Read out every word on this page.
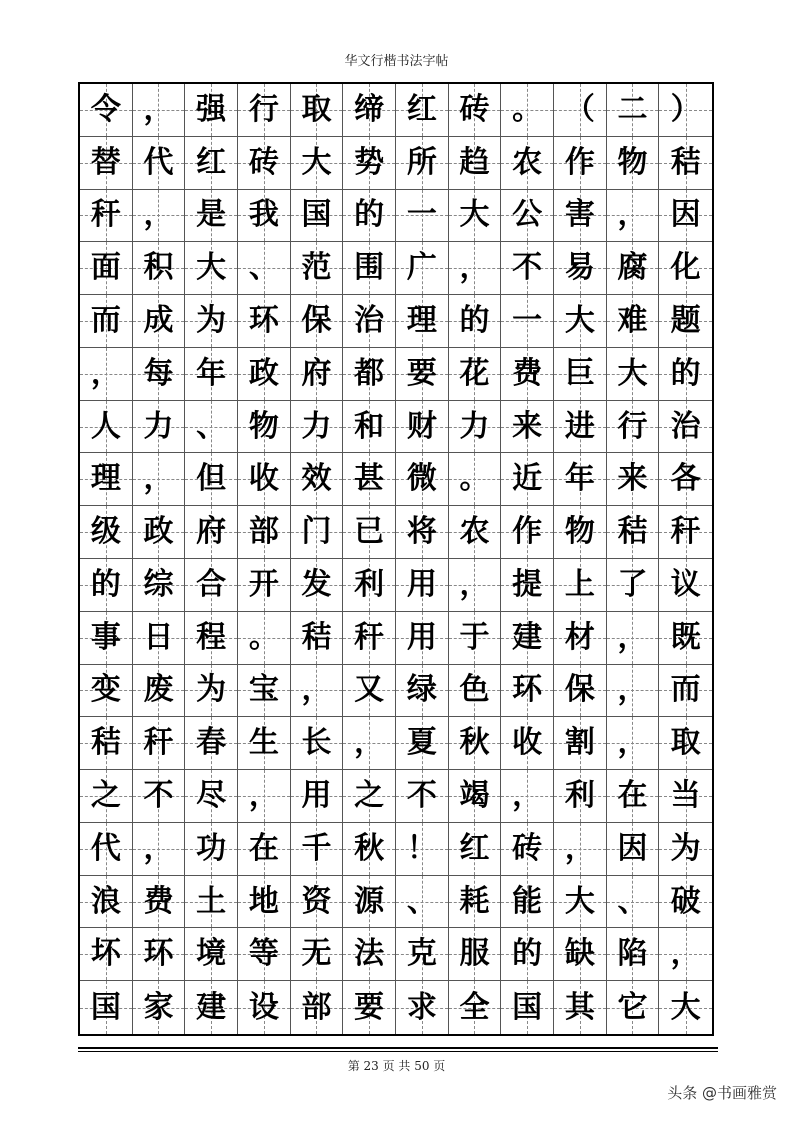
华文行楷书法字帖
令 ， 强 行 取 缔 红 砖 。 （ 二 ）
替 代 红 砖 大 势 所 趋 农 作 物 秸
秆 ， 是 我 国 的 一 大 公 害 ， 因
面 积 大 、 范 围 广 ， 不 易 腐 化
而 成 为 环 保 治 理 的 一 大 难 题
， 每 年 政 府 都 要 花 费 巨 大 的
人 力 、 物 力 和 财 力 来 进 行 治
理 ， 但 收 效 甚 微 。 近 年 来 各
级 政 府 部 门 已 将 农 作 物 秸 秆
的 综 合 开 发 利 用 ， 提 上 了 议
事 日 程 。 秸 秆 用 于 建 材 ， 既
变 废 为 宝 ， 又 绿 色 环 保 ， 而
秸 秆 春 生 长 ， 夏 秋 收 割 ， 取
之 不 尽 ， 用 之 不 竭 ， 利 在 当
代 ， 功 在 千 秋 ！ 红 砖 ， 因 为
浪 费 土 地 资 源 、 耗 能 大 、 破
坏 环 境 等 无 法 克 服 的 缺 陷 ，
国 家 建 设 部 要 求 全 国 其 它 大
第 23 页 共 50 页
头条 @书画雅赏
